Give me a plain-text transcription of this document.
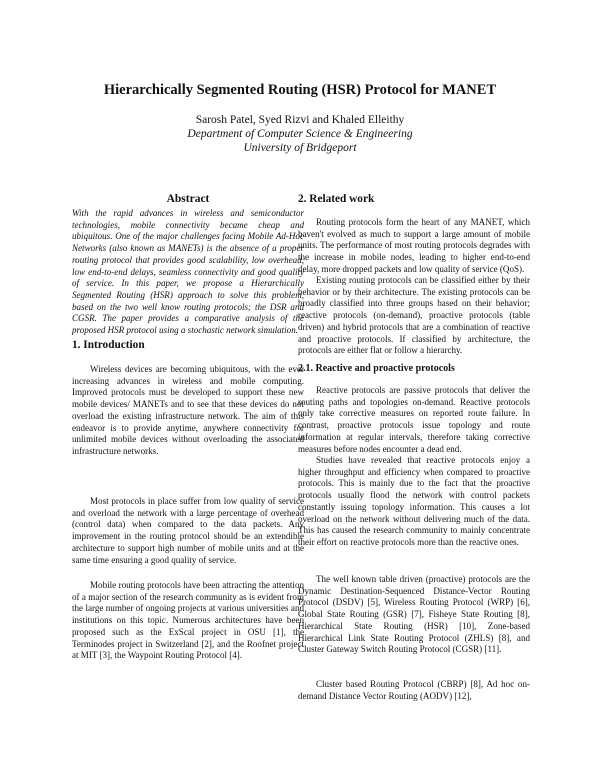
Hierarchically Segmented Routing (HSR) Protocol for MANET
Sarosh Patel, Syed Rizvi and Khaled Elleithy
Department of Computer Science & Engineering
University of Bridgeport
Abstract
With the rapid advances in wireless and semiconductor technologies, mobile connectivity became cheap and ubiquitous. One of the major challenges facing Mobile Ad-Hoc Networks (also known as MANETs) is the absence of a proper routing protocol that provides good scalability, low overhead, low end-to-end delays, seamless connectivity and good quality of service. In this paper, we propose a Hierarchically Segmented Routing (HSR) approach to solve this problem, based on the two well know routing protocols; the DSR and CGSR. The paper provides a comparative analysis of the proposed HSR protocol using a stochastic network simulation.
1. Introduction

Wireless devices are becoming ubiquitous, with the ever increasing advances in wireless and mobile computing. Improved protocols must be developed to support these new mobile devices/ MANETs and to see that these devices do not overload the existing infrastructure network. The aim of this endeavor is to provide anytime, anywhere connectivity for unlimited mobile devices without overloading the associated infrastructure networks.

Most protocols in place suffer from low quality of service and overload the network with a large percentage of overhead (control data) when compared to the data packets. Any improvement in the routing protocol should be an extendible architecture to support high number of mobile units and at the same time ensuring a good quality of service.

Mobile routing protocols have been attracting the attention of a major section of the research community as is evident from the large number of ongoing projects at various universities and institutions on this topic. Numerous architectures have been proposed such as the ExScal project in OSU [1], the Terminodes project in Switzerland [2], and the Roofnet project at MIT [3], the Waypoint Routing Protocol [4].

2. Related work

Routing protocols form the heart of any MANET, which haven't evolved as much to support a large amount of mobile units. The performance of most routing protocols degrades with the increase in mobile nodes, leading to higher end-to-end delay, more dropped packets and low quality of service (QoS).

Existing routing protocols can be classified either by their behavior or by their architecture. The existing protocols can be broadly classified into three groups based on their behavior; reactive protocols (on-demand), proactive protocols (table driven) and hybrid protocols that are a combination of reactive and proactive protocols. If classified by architecture, the protocols are either flat or follow a hierarchy.

2.1. Reactive and proactive protocols

Reactive protocols are passive protocols that deliver the routing paths and topologies on-demand. Reactive protocols only take corrective measures on reported route failure. In contrast, proactive protocols issue topology and route information at regular intervals, therefore taking corrective measures before nodes encounter a dead end.

Studies have revealed that reactive protocols enjoy a higher throughput and efficiency when compared to proactive protocols. This is mainly due to the fact that the proactive protocols usually flood the network with control packets constantly issuing topology information. This causes a lot overload on the network without delivering much of the data. This has caused the research community to mainly concentrate their effort on reactive protocols more than the reactive ones.

The well known table driven (proactive) protocols are the Dynamic Destination-Sequenced Distance-Vector Routing Protocol (DSDV) [5], Wireless Routing Protocol (WRP) [6], Global State Routing (GSR) [7], Fisheye State Routing [8], Hierarchical State Routing (HSR) [10], Zone-based Hierarchical Link State Routing Protocol (ZHLS) [8], and Cluster Gateway Switch Routing Protocol (CGSR) [11].

Cluster based Routing Protocol (CBRP) [8], Ad hoc on-demand Distance Vector Routing (AODV) [12],
